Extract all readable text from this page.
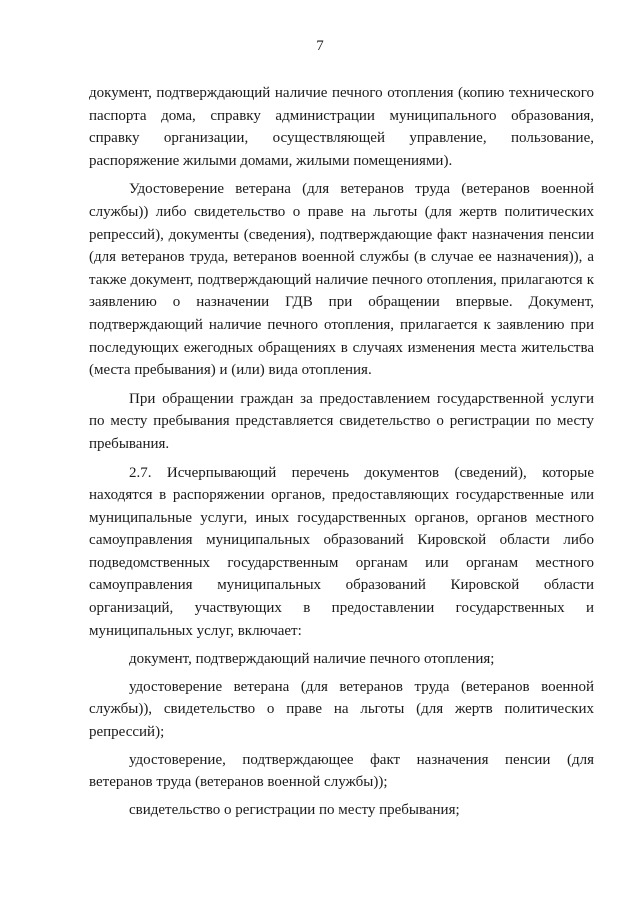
7

документ, подтверждающий наличие печного отопления (копию технического паспорта дома, справку администрации муниципального образования, справку организации, осуществляющей управление, пользование, распоряжение жилыми домами, жилыми помещениями).

Удостоверение ветерана (для ветеранов труда (ветеранов военной службы)) либо свидетельство о праве на льготы (для жертв политических репрессий), документы (сведения), подтверждающие факт назначения пенсии (для ветеранов труда, ветеранов военной службы (в случае ее назначения)), а также документ, подтверждающий наличие печного отопления, прилагаются к заявлению о назначении ГДВ при обращении впервые. Документ, подтверждающий наличие печного отопления, прилагается к заявлению при последующих ежегодных обращениях в случаях изменения места жительства (места пребывания) и (или) вида отопления.

При обращении граждан за предоставлением государственной услуги по месту пребывания представляется свидетельство о регистрации по месту пребывания.

2.7. Исчерпывающий перечень документов (сведений), которые находятся в распоряжении органов, предоставляющих государственные или муниципальные услуги, иных государственных органов, органов местного самоуправления муниципальных образований Кировской области либо подведомственных государственным органам или органам местного самоуправления муниципальных образований Кировской области организаций, участвующих в предоставлении государственных и муниципальных услуг, включает:

документ, подтверждающий наличие печного отопления;

удостоверение ветерана (для ветеранов труда (ветеранов военной службы)), свидетельство о праве на льготы (для жертв политических репрессий);

удостоверение, подтверждающее факт назначения пенсии (для ветеранов труда (ветеранов военной службы));

свидетельство о регистрации по месту пребывания;
